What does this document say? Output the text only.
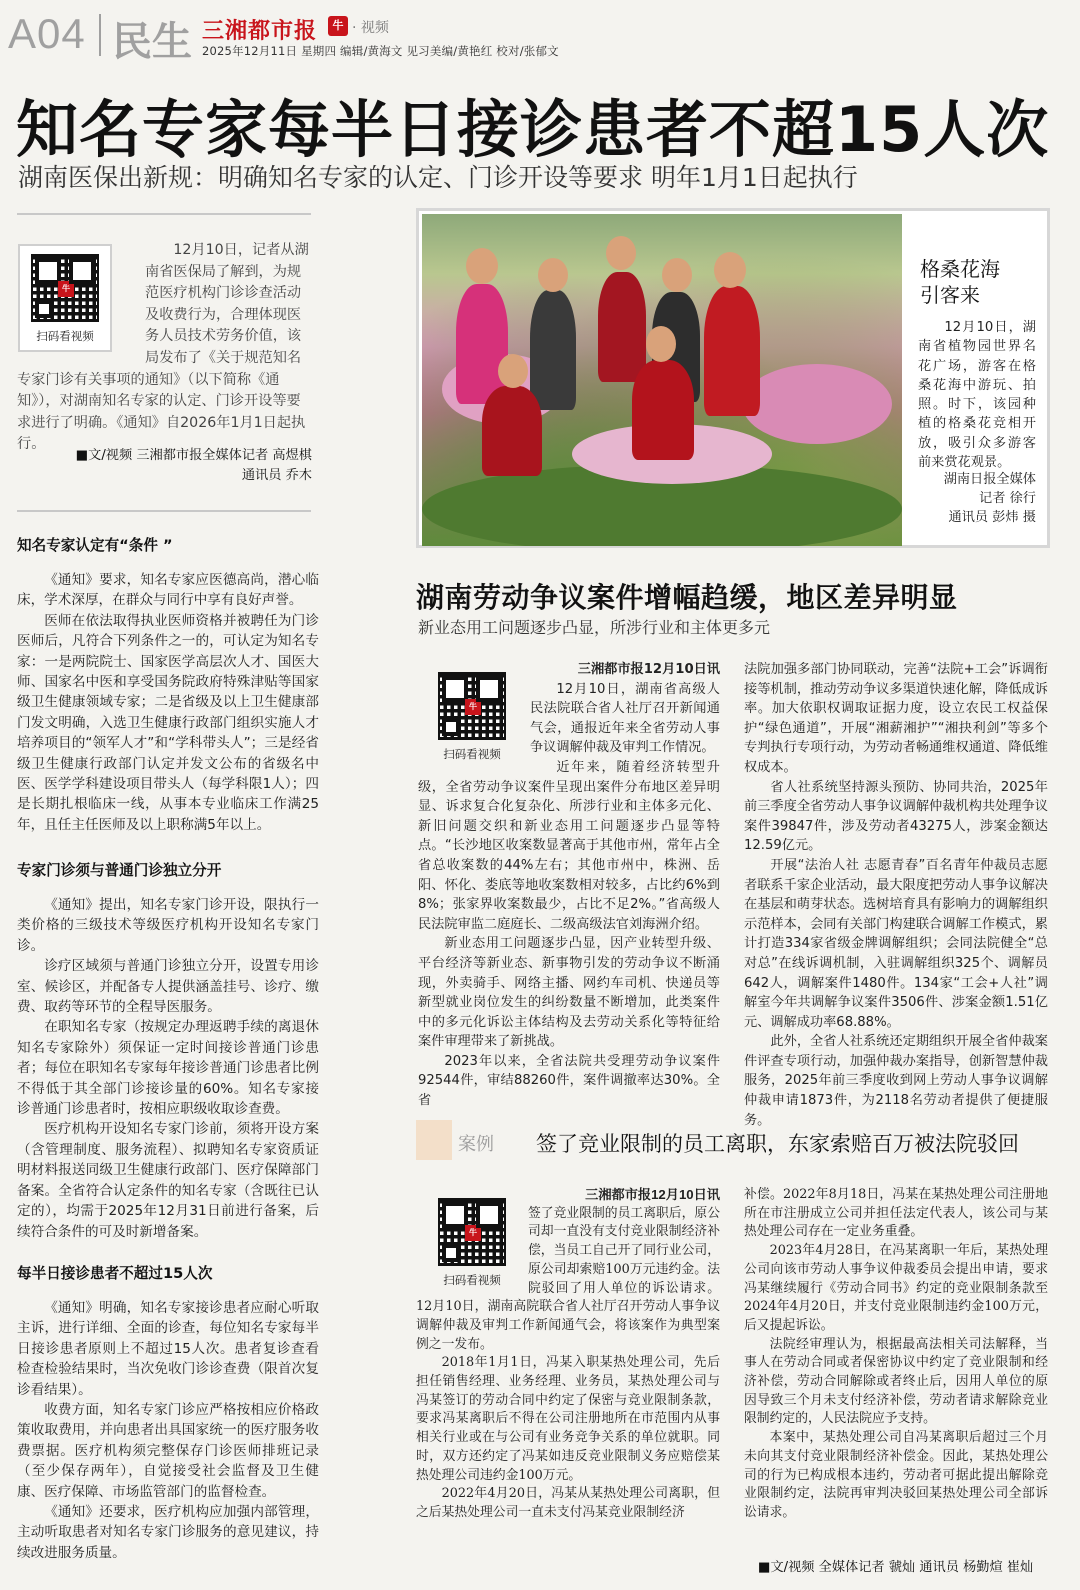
A04 民生 三湘都市报	牛 · 视频
2025年12月11日 星期四 编辑/黄海文 见习美编/黄艳红 校对/张郁文
知名专家每半日接诊患者不超15人次
湖南医保出新规：明确知名专家的认定、门诊开设等要求 明年1月1日起执行
牛
扫码看视频
12月10日，记者从湖南省医保局了解到，为规范医疗机构门诊诊查活动及收费行为，合理体现医务人员技术劳务价值，该局发布了《关于规范知名专家门诊有关事项的通知》（以下简称《通知》），对湖南知名专家的认定、门诊开设等要求进行了明确。《通知》自2026年1月1日起执行。
■文/视频 三湘都市报全媒体记者 高煜棋
通讯员 乔木
知名专家认定有“条件 ”

《通知》要求，知名专家应医德高尚，潜心临床，学术深厚，在群众与同行中享有良好声誉。

医师在依法取得执业医师资格并被聘任为门诊医师后，凡符合下列条件之一的，可认定为知名专家：一是两院院士、国家医学高层次人才、国医大师、国家名中医和享受国务院政府特殊津贴等国家级卫生健康领域专家；二是省级及以上卫生健康部门发文明确，入选卫生健康行政部门组织实施人才培养项目的“领军人才”和“学科带头人”；三是经省级卫生健康行政部门认定并发文公布的省级名中医、医学学科建设项目带头人（每学科限1人）；四是长期扎根临床一线，从事本专业临床工作满25年，且任主任医师及以上职称满5年以上。

专家门诊须与普通门诊独立分开

《通知》提出，知名专家门诊开设，限执行一类价格的三级技术等级医疗机构开设知名专家门诊。

诊疗区域须与普通门诊独立分开，设置专用诊室、候诊区，并配备专人提供涵盖挂号、诊疗、缴费、取药等环节的全程导医服务。

在职知名专家（按规定办理返聘手续的离退休知名专家除外）须保证一定时间接诊普通门诊患者；每位在职知名专家每年接诊普通门诊患者比例不得低于其全部门诊接诊量的60%。知名专家接诊普通门诊患者时，按相应职级收取诊查费。

医疗机构开设知名专家门诊前，须将开设方案（含管理制度、服务流程）、拟聘知名专家资质证明材料报送同级卫生健康行政部门、医疗保障部门备案。全省符合认定条件的知名专家（含既往已认定的），均需于2025年12月31日前进行备案，后续符合条件的可及时新增备案。

每半日接诊患者不超过15人次

《通知》明确，知名专家接诊患者应耐心听取主诉，进行详细、全面的诊查，每位知名专家每半日接诊患者原则上不超过15人次。患者复诊查看检查检验结果时，当次免收门诊诊查费（限首次复诊看结果）。

收费方面，知名专家门诊应严格按相应价格政策收取费用，并向患者出具国家统一的医疗服务收费票据。医疗机构须完整保存门诊医师排班记录（至少保存两年），自觉接受社会监督及卫生健康、医疗保障、市场监管部门的监督检查。

《通知》还要求，医疗机构应加强内部管理，主动听取患者对知名专家门诊服务的意见建议，持续改进服务质量。

格桑花海
引客来

12月10日，湖南省植物园世界名花广场，游客在格桑花海中游玩、拍照。时下，该园种植的格桑花竞相开放，吸引众多游客前来赏花观景。

湖南日报全媒体
记者 徐行
通讯员 彭炜 摄
湖南劳动争议案件增幅趋缓，地区差异明显
新业态用工问题逐步凸显，所涉行业和主体更多元
三湘都市报12月10日讯

12月10日，湖南省高级人民法院联合省人社厅召开新闻通气会，通报近年来全省劳动人事争议调解仲裁及审判工作情况。

近年来，随着经济转型升级，全省劳动争议案件呈现出案件分布地区差异明显、诉求复合化复杂化、所涉行业和主体多元化、新旧问题交织和新业态用工问题逐步凸显等特点。“长沙地区收案数显著高于其他市州，常年占全省总收案数的44%左右；其他市州中，株洲、岳阳、怀化、娄底等地收案数相对较多，占比约6%到8%；张家界收案数最少，占比不足2%。”省高级人民法院审监二庭庭长、二级高级法官刘海洲介绍。

新业态用工问题逐步凸显，因产业转型升级、平台经济等新业态、新事物引发的劳动争议不断涌现，外卖骑手、网络主播、网约车司机、快递员等新型就业岗位发生的纠纷数量不断增加，此类案件中的多元化诉讼主体结构及去劳动关系化等特征给案件审理带来了新挑战。

2023年以来，全省法院共受理劳动争议案件92544件，审结88260件，案件调撤率达30%。全省

牛
扫码看视频

法院加强多部门协同联动，完善“法院+工会”诉调衔接等机制，推动劳动争议多渠道快速化解，降低成诉率。加大依职权调取证据力度，设立农民工权益保护“绿色通道”，开展“湘薪湘护”“湘抉利剑”等多个专判执行专项行动，为劳动者畅通维权通道、降低维权成本。

省人社系统坚持源头预防、协同共治，2025年前三季度全省劳动人事争议调解仲裁机构共处理争议案件39847件，涉及劳动者43275人，涉案金额达12.59亿元。

开展“法治人社 志愿青春”百名青年仲裁员志愿者联系千家企业活动，最大限度把劳动人事争议解决在基层和萌芽状态。选树培育具有影响力的调解组织示范样本，会同有关部门构建联合调解工作模式，累计打造334家省级金牌调解组织；会同法院健全“总对总”在线诉调机制，入驻调解组织325个、调解员642人，调解案件1480件。134家“工会+人社”调解室今年共调解争议案件3506件、涉案金额1.51亿元、调解成功率68.88%。

此外，全省人社系统还定期组织开展全省仲裁案件评查专项行动，加强仲裁办案指导，创新智慧仲裁服务，2025年前三季度收到网上劳动人事争议调解仲裁申请1873件，为2118名劳动者提供了便捷服务。

案例 签了竞业限制的员工离职，东家索赔百万被法院驳回
三湘都市报12月10日讯

签了竞业限制的员工离职后，原公司却一直没有支付竞业限制经济补偿，当员工自己开了同行业公司，原公司却索赔100万元违约金。法院驳回了用人单位的诉讼请求。12月10日，湖南高院联合省人社厅召开劳动人事争议调解仲裁及审判工作新闻通气会，将该案作为典型案例之一发布。

2018年1月1日，冯某入职某热处理公司，先后担任销售经理、业务经理、业务员，某热处理公司与冯某签订的劳动合同中约定了保密与竞业限制条款，要求冯某离职后不得在公司注册地所在市范围内从事相关行业或在与公司有业务竞争关系的单位就职。同时，双方还约定了冯某如违反竞业限制义务应赔偿某热处理公司违约金100万元。

2022年4月20日，冯某从某热处理公司离职，但之后某热处理公司一直未支付冯某竞业限制经济

牛
扫码看视频

补偿。2022年8月18日，冯某在某热处理公司注册地所在市注册成立公司并担任法定代表人，该公司与某热处理公司存在一定业务重叠。

2023年4月28日，在冯某离职一年后，某热处理公司向该市劳动人事争议仲裁委员会提出申请，要求冯某继续履行《劳动合同书》约定的竞业限制条款至2024年4月20日，并支付竞业限制违约金100万元，后又提起诉讼。

法院经审理认为，根据最高法相关司法解释，当事人在劳动合同或者保密协议中约定了竞业限制和经济补偿，劳动合同解除或者终止后，因用人单位的原因导致三个月未支付经济补偿，劳动者请求解除竞业限制约定的，人民法院应予支持。

本案中，某热处理公司自冯某离职后超过三个月未向其支付竞业限制经济补偿金。因此，某热处理公司的行为已构成根本违约，劳动者可据此提出解除竞业限制约定，法院再审判决驳回某热处理公司全部诉讼请求。

■文/视频 全媒体记者 虢灿 通讯员 杨勤煊 崔灿
